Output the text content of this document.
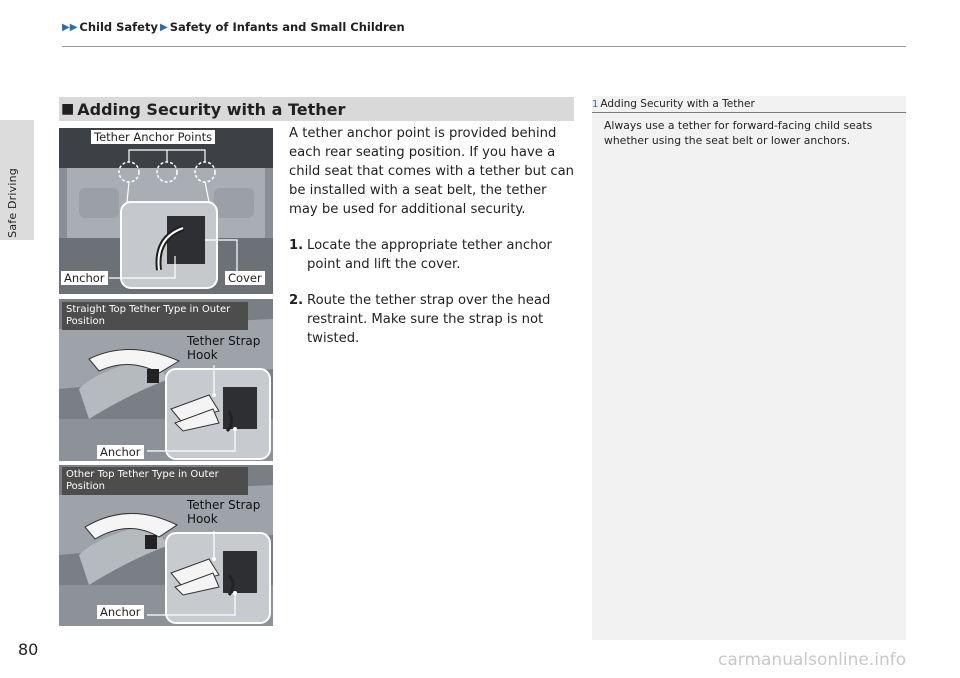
▶▶ Child Safety ▶ Safety of Infants and Small Children
Safe Driving
■ Adding Security with a Tether

A tether anchor point is provided behind each rear seating position. If you have a child seat that comes with a tether but can be installed with a seat belt, the tether may be used for additional security.

1. Locate the appropriate tether anchor point and lift the cover.
2. Route the tether strap over the head restraint. Make sure the strap is not twisted.
Tether Anchor Points
Anchor	Cover
Straight Top Tether Type in Outer Position
Tether Strap
Hook
Anchor
Other Top Tether Type in Outer Position
Tether Strap
Hook
Anchor
1 Adding Security with a Tether
Always use a tether for forward-facing child seats whether using the seat belt or lower anchors.
80
carmanualsonline.info
